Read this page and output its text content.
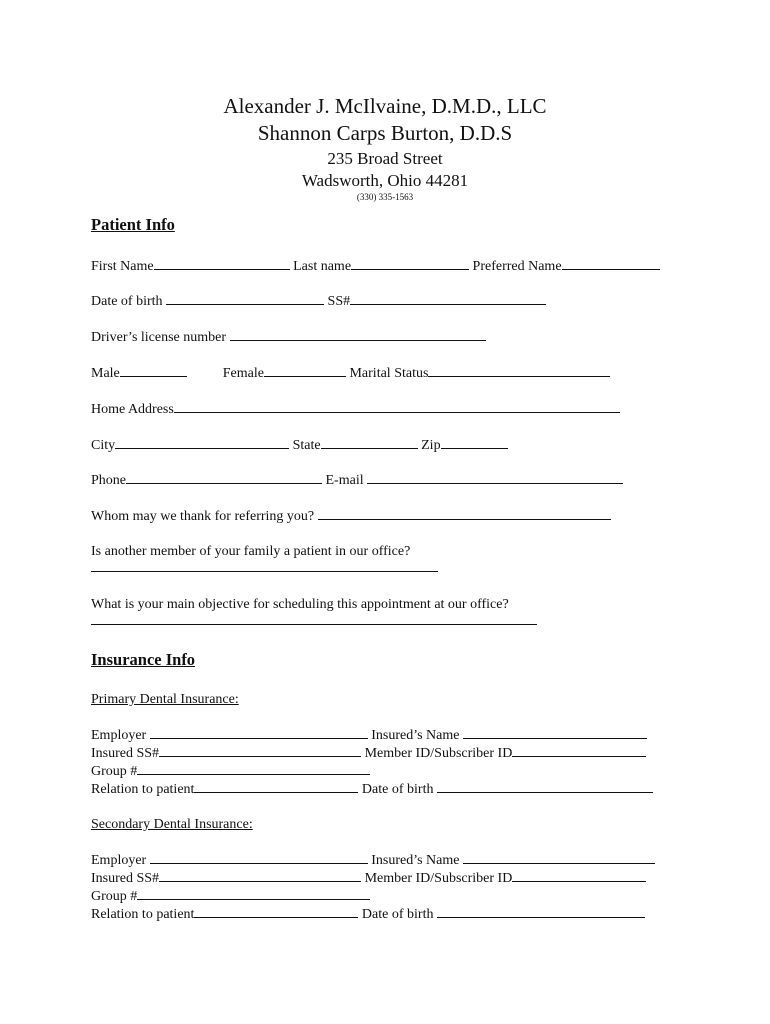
Alexander J. McIlvaine, D.M.D., LLC
Shannon Carps Burton, D.D.S
235 Broad Street
Wadsworth, Ohio 44281
(330) 335-1563
Patient Info
First Name	Last name	Preferred Name
Date of birth	SS#
Driver’s license number
Male	Female	Marital Status
Home Address
City	State	Zip
Phone	E-mail
Whom may we thank for referring you?
Is another member of your family a patient in our office?
What is your main objective for scheduling this appointment at our office?
Insurance Info
Primary Dental Insurance:
Employer	Insured’s Name
Insured SS#	Member ID/Subscriber ID
Group #
Relation to patient	Date of birth
Secondary Dental Insurance:
Employer	Insured’s Name
Insured SS#	Member ID/Subscriber ID
Group #
Relation to patient	Date of birth
